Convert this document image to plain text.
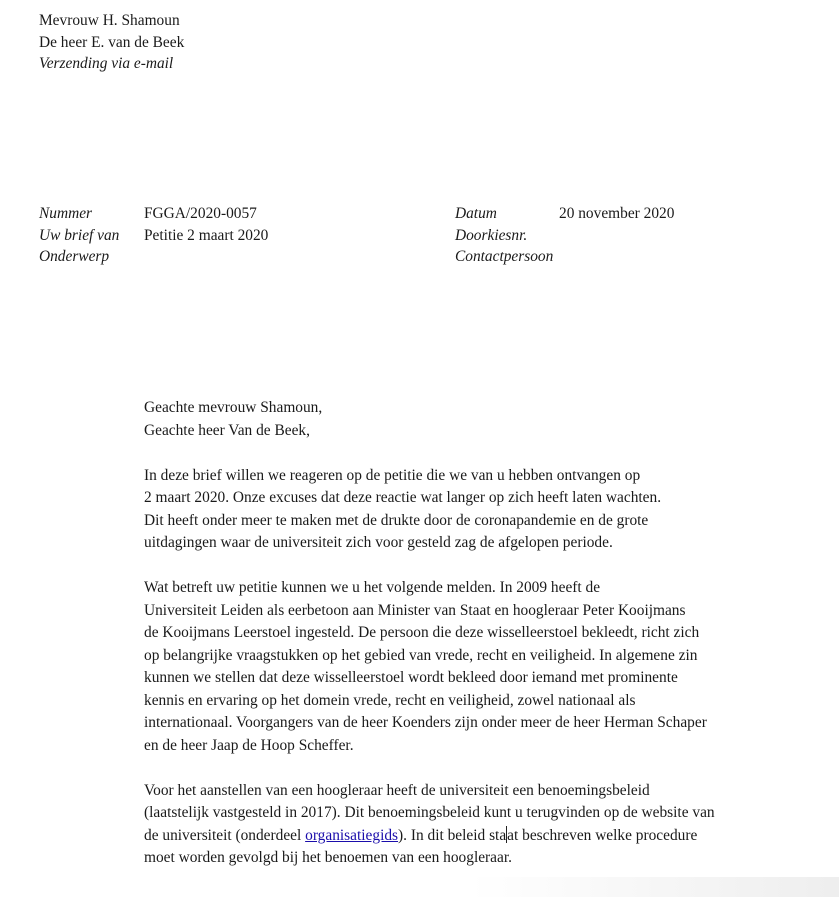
Mevrouw H. Shamoun
De heer E. van de Beek
Verzending via e-mail
Nummer
Uw brief van
Onderwerp
FGGA/2020-0057
Petitie 2 maart 2020
Datum
Doorkiesnr.
Contactpersoon
20 november 2020
Geachte mevrouw Shamoun,
Geachte heer Van de Beek,
In deze brief willen we reageren op de petitie die we van u hebben ontvangen op
2 maart 2020. Onze excuses dat deze reactie wat langer op zich heeft laten wachten.
Dit heeft onder meer te maken met de drukte door de coronapandemie en de grote
uitdagingen waar de universiteit zich voor gesteld zag de afgelopen periode.
Wat betreft uw petitie kunnen we u het volgende melden. In 2009 heeft de
Universiteit Leiden als eerbetoon aan Minister van Staat en hoogleraar Peter Kooijmans
de Kooijmans Leerstoel ingesteld. De persoon die deze wisselleerstoel bekleedt, richt zich
op belangrijke vraagstukken op het gebied van vrede, recht en veiligheid. In algemene zin
kunnen we stellen dat deze wisselleerstoel wordt bekleed door iemand met prominente
kennis en ervaring op het domein vrede, recht en veiligheid, zowel nationaal als
internationaal. Voorgangers van de heer Koenders zijn onder meer de heer Herman Schaper
en de heer Jaap de Hoop Scheffer.
Voor het aanstellen van een hoogleraar heeft de universiteit een benoemingsbeleid
(laatstelijk vastgesteld in 2017). Dit benoemingsbeleid kunt u terugvinden op de website van
de universiteit (onderdeel organisatiegids). In dit beleid staat beschreven welke procedure
moet worden gevolgd bij het benoemen van een hoogleraar.
